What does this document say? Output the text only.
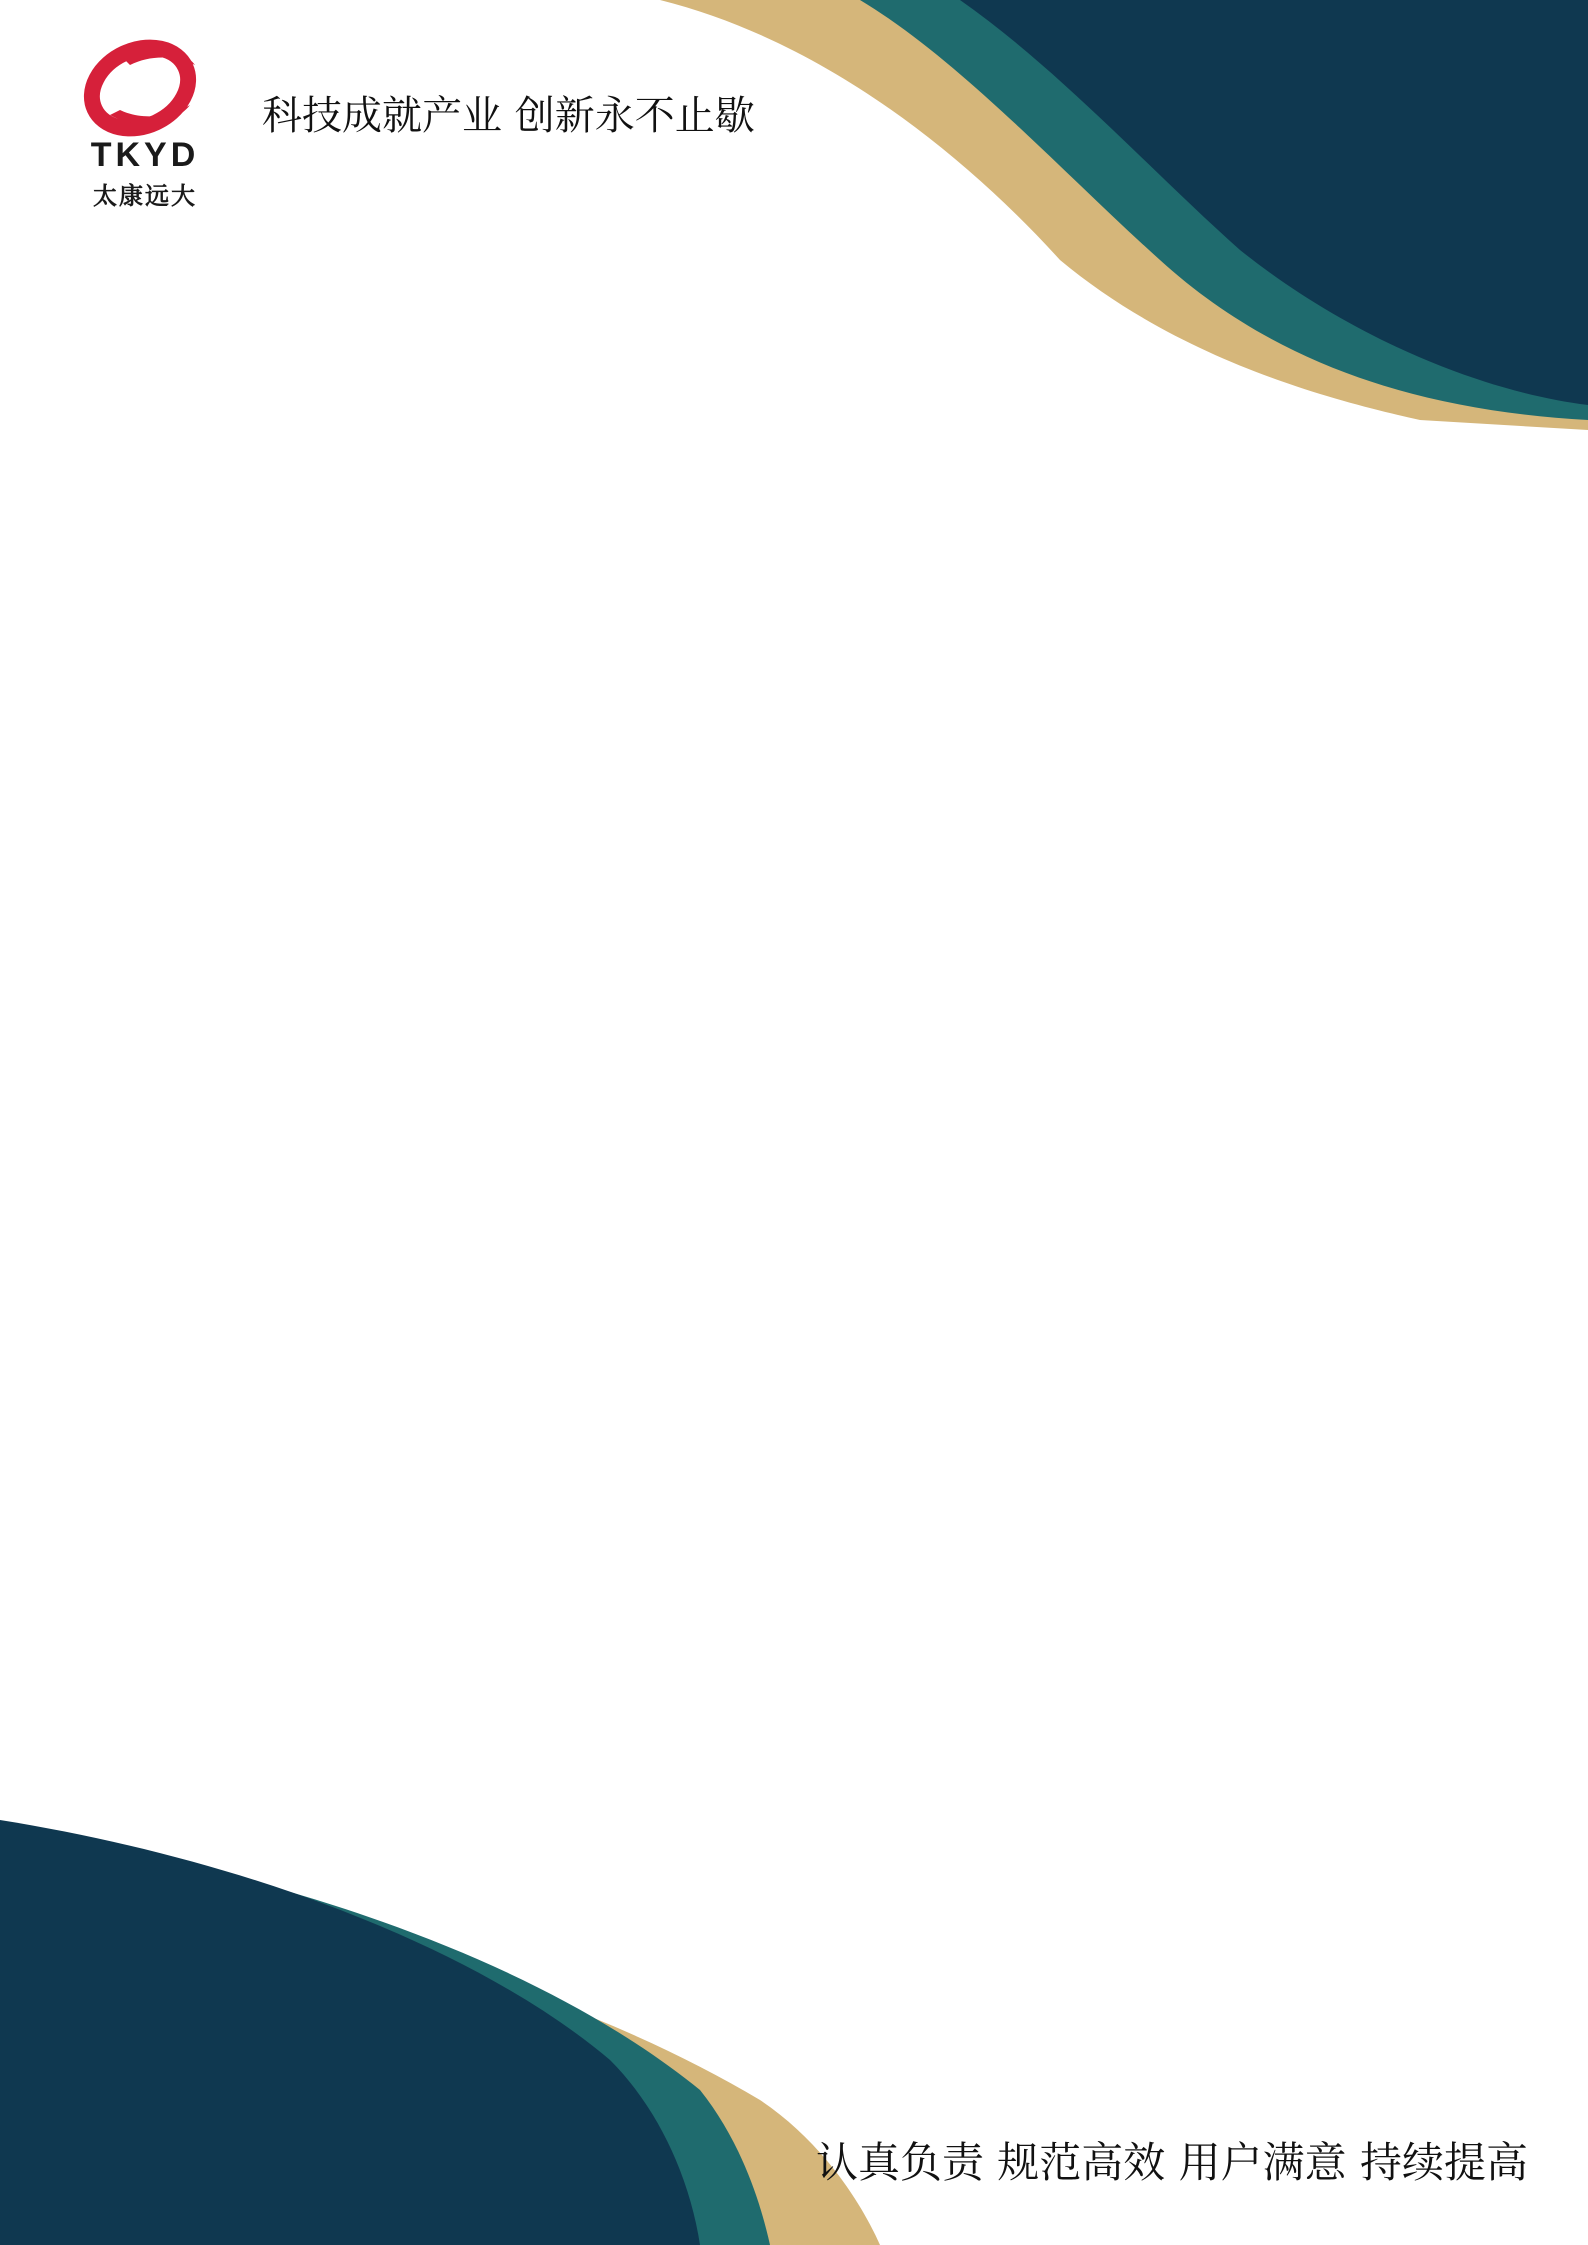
TKYD
太康远大
科技成就产业 创新永不止歇

认真负责 规范高效 用户满意 持续提高
